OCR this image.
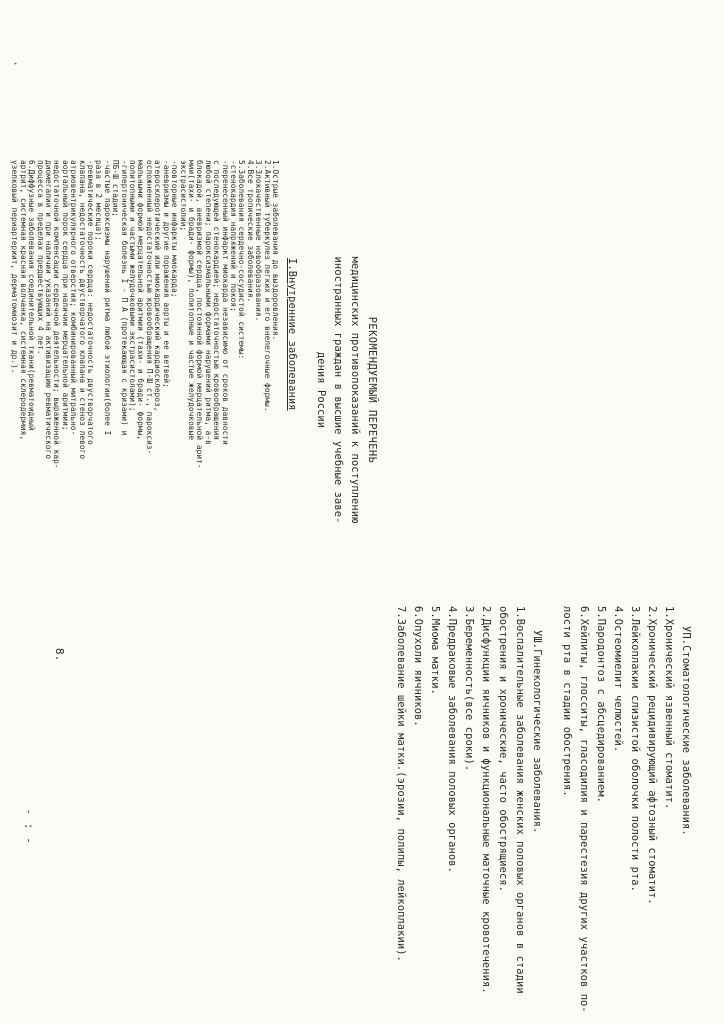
- : -
·
8.
РЕКОМЕНДУЕМЫЙ ПЕРЕЧЕНЬ
медицинских противопоказаний к поступлению
иностранных граждан в высшие учебные заве-
дения России
I.Внутренние заболевания
УП.Стоматологические заболевания.
1.Хронический язвенный стоматит.
2.Хронический рецидивирующий афтозный стоматит.
3.Лейкоплакии слизистой оболочки полости рта.
4.Остеомиелит челюстей.
5.Пародонтоз с абсцедированием.
6.Хейлиты, глосситы, гласодилия и парестезия других участков по-
лости рта в стадии обострения.
УШ.Гинекологические заболевания.
1.Воспалительные заболевания женских половых органов в стадии
обострения и хронические, часто обострящиеся.
2.Дисфункции яичников и функциональные маточные кровотечения.
3.Беременность(все сроки).
4.Предраковые заболевания половых органов.
5.Миома матки.
6.Опухоли яичников.
7.Заболевание шейки матки.(эрозии, полипы, лейкоплакии).
1.Острые заболевания до выздоровления.
2.Активный туберкулез легких и его внелегочные формы.
3.Злокачественные новообразования.
4.Все тропические заболевания.
5.Заболевания сердечно-сосудистой системы:
-стенокардия напряжений и покоя;
-перенесенный инфаркт миокарда независимо от сроков давности
с последующей стенокардией; недостаточностью кровообращения
любой степени; пароксизмальными формами нарушений ритма, а-в
блокадой, аневризмой сердца, постоянной формой мерцательной арит-
мии(тахи- и бради- формы), политопные и частые желудочковые
экстрасистолии;
-повторные инфаркты миокарда;
-аневризмы и другие поражения аорты и ее ветвей;
атеросклеротический или миокардический кардиосклероз,
осложненный недостаточностью кровообращения П-Ш ст., пароксиз-
мальными формой мерцательной аритмии (тахи- и бради- формы,
политопными и частыми желудочковыми экстрасистолами);
-гипертоническая болезнь I - П А (протекающая с кризами) и
ПБ-Ш стадии;
-частые пароксизмы нарушений ритма любой этиологии(более I
раза в 2 месяца);
-ревматические пороки сердца: недостаточность двустворчатого
клапана, недостаточность двустворчатого клапана и стеноз левого
атриовентрикулярного отверстия; комбинированный митрально-
аортальный порок сердца при наличии мерцательной аритмии;
недостаточной компенсации сердечной деятельности; выраженной кар-
диомегалии и при наличии указаний на активизацию ревматического
процесса в пределах предшествующих 4 лет.
6.Диффузные заболевания соединительной ткани(ревматоидный
артрит, системная красная волчанка, системная склеродермия,
узелковый периартериит, дерматомиозит и др.).
